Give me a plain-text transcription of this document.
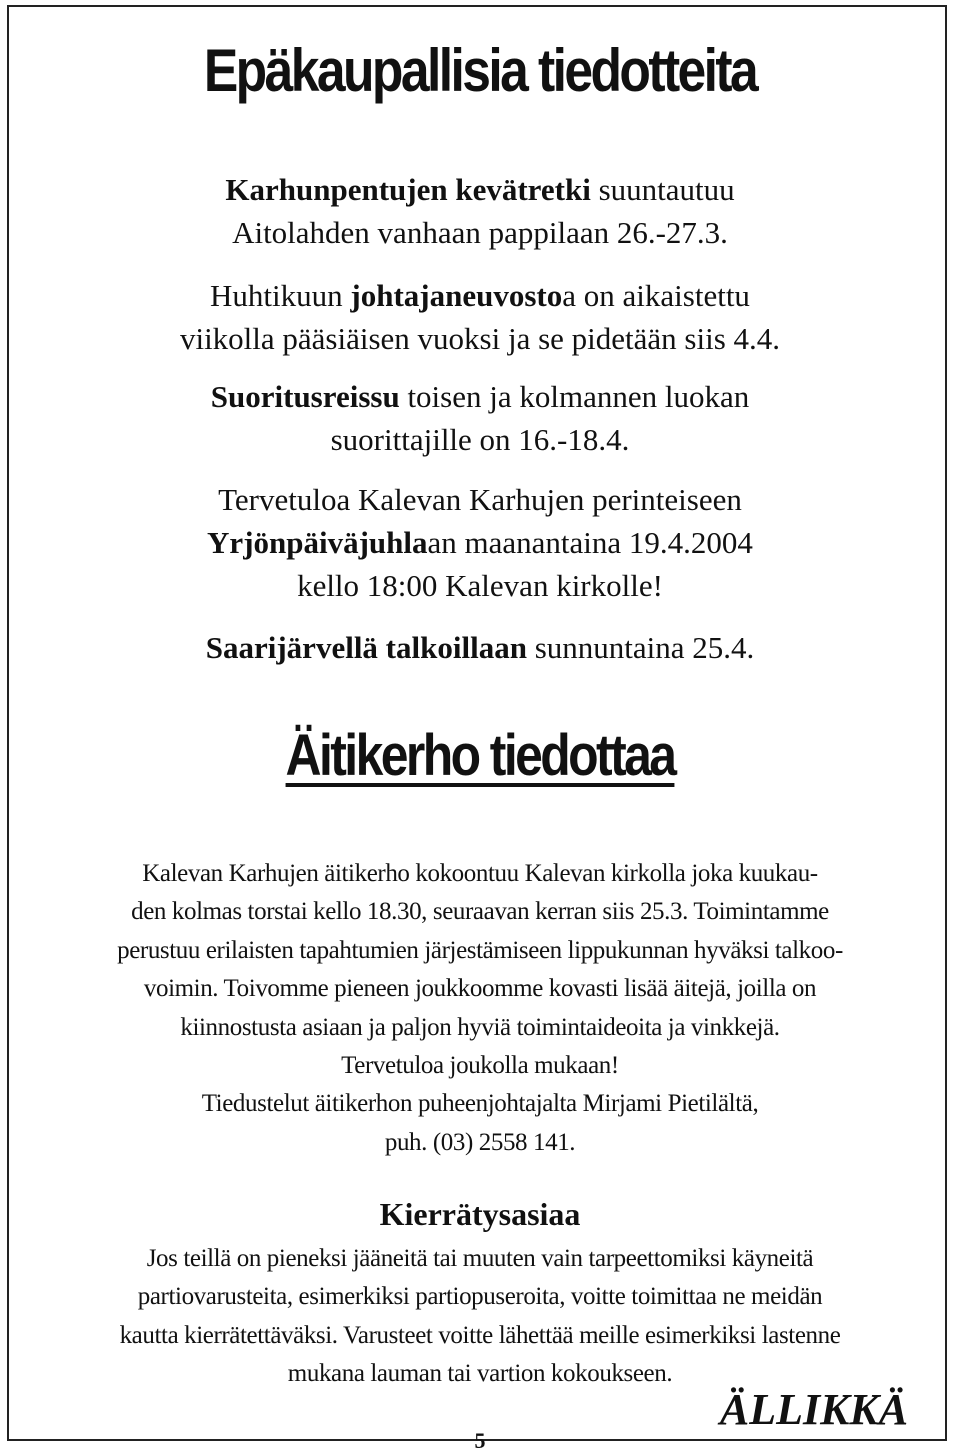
Epäkaupallisia tiedotteita
Karhunpentujen kevätretki suuntautuu
Aitolahden vanhaan pappilaan 26.-27.3.
Huhtikuun johtajaneuvostoa on aikaistettu
viikolla pääsiäisen vuoksi ja se pidetään siis 4.4.
Suoritusreissu toisen ja kolmannen luokan
suorittajille on 16.-18.4.
Tervetuloa Kalevan Karhujen perinteiseen
Yrjönpäiväjuhlaan maanantaina 19.4.2004
kello 18:00 Kalevan kirkolle!
Saarijärvellä talkoillaan sunnuntaina 25.4.
Äitikerho tiedottaa
Kalevan Karhujen äitikerho kokoontuu Kalevan kirkolla joka kuukau-
den kolmas torstai kello 18.30, seuraavan kerran siis 25.3. Toimintamme
perustuu erilaisten tapahtumien järjestämiseen lippukunnan hyväksi talkoo-
voimin. Toivomme pieneen joukkoomme kovasti lisää äitejä, joilla on
kiinnostusta asiaan ja paljon hyviä toimintaideoita ja vinkkejä.
Tervetuloa joukolla mukaan!
Tiedustelut äitikerhon puheenjohtajalta Mirjami Pietilältä,
puh. (03) 2558 141.
Kierrätysasiaa
Jos teillä on pieneksi jääneitä tai muuten vain tarpeettomiksi käyneitä
partiovarusteita, esimerkiksi partiopuseroita, voitte toimittaa ne meidän
kautta kierrätettäväksi. Varusteet voitte lähettää meille esimerkiksi lastenne
mukana lauman tai vartion kokoukseen.
ÄLLIKKÄ
5
